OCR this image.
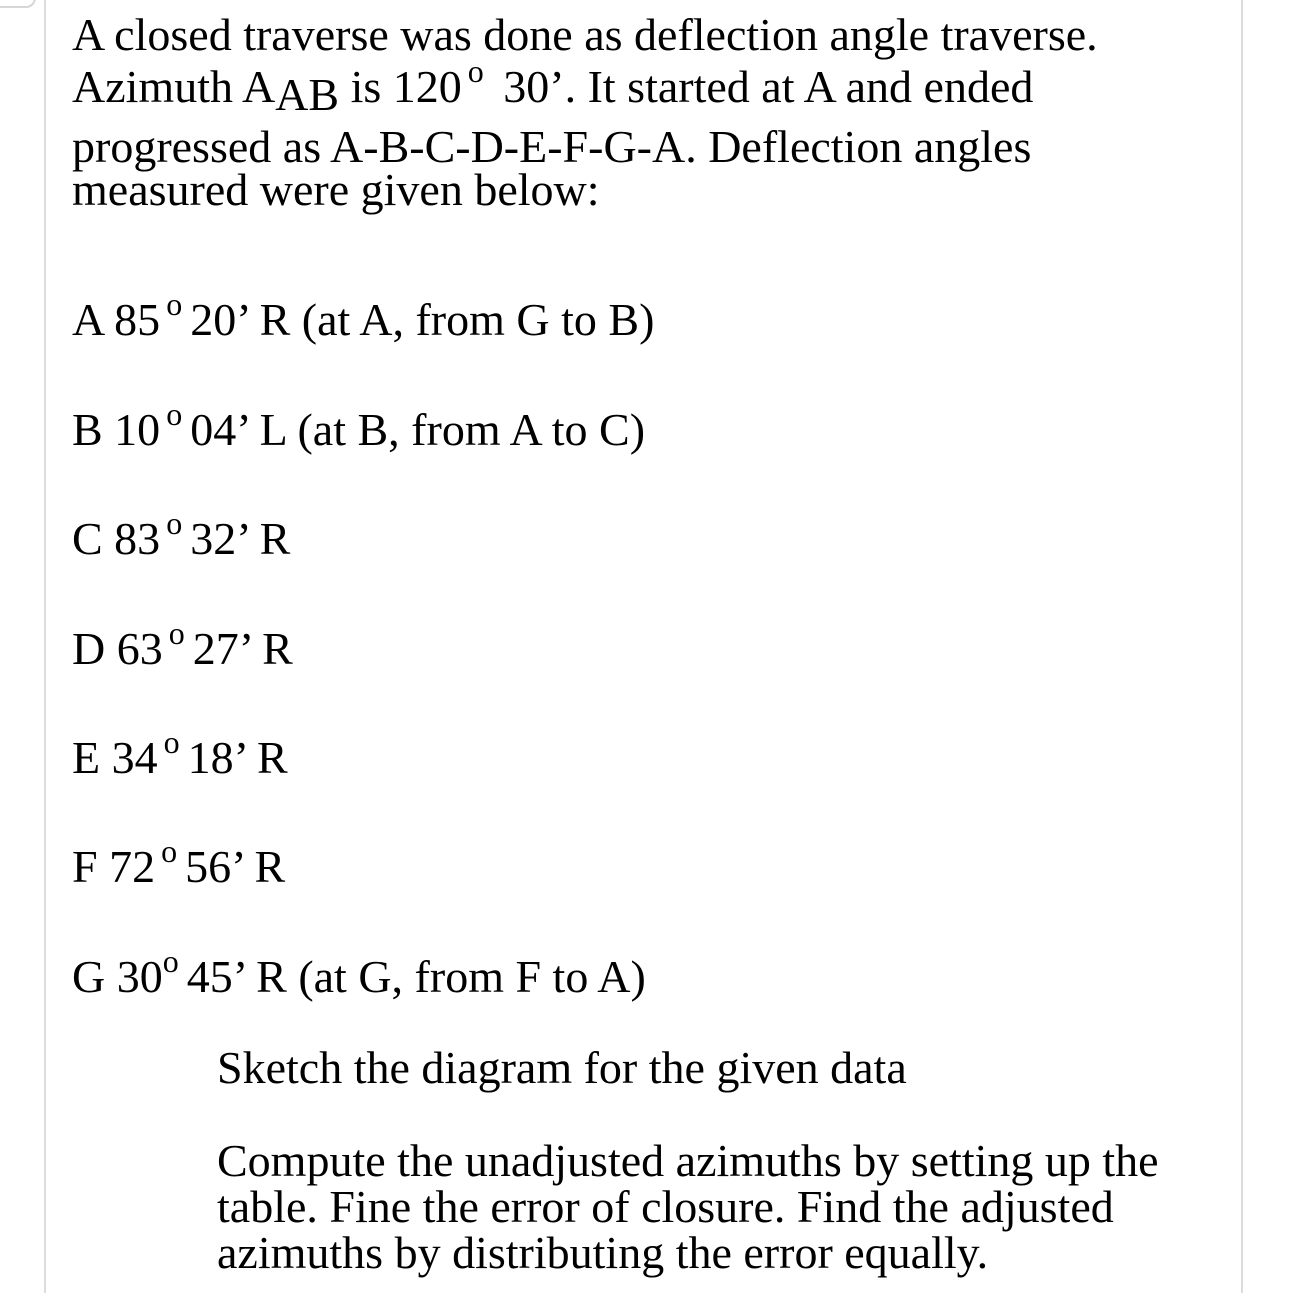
A closed traverse was done as deflection angle traverse.
Azimuth AAB is 120 $^o$ 30’. It started at A and ended
progressed as A-B-C-D-E-F-G-A. Deflection angles
measured were given below:
A 85 $^o$ 20’ R (at A, from G to B)
B 10 $^o$ 04’ L (at B, from A to C)
C 83 $^o$ 32’ R
D 63 $^o$ 27’ R
E 34 $^o$ 18’ R
F 72 $^o$ 56’ R
G 30$^o$ 45’ R (at G, from F to A)
Sketch the diagram for the given data
Compute the unadjusted azimuths by setting up the
table. Fine the error of closure. Find the adjusted
azimuths by distributing the error equally.
